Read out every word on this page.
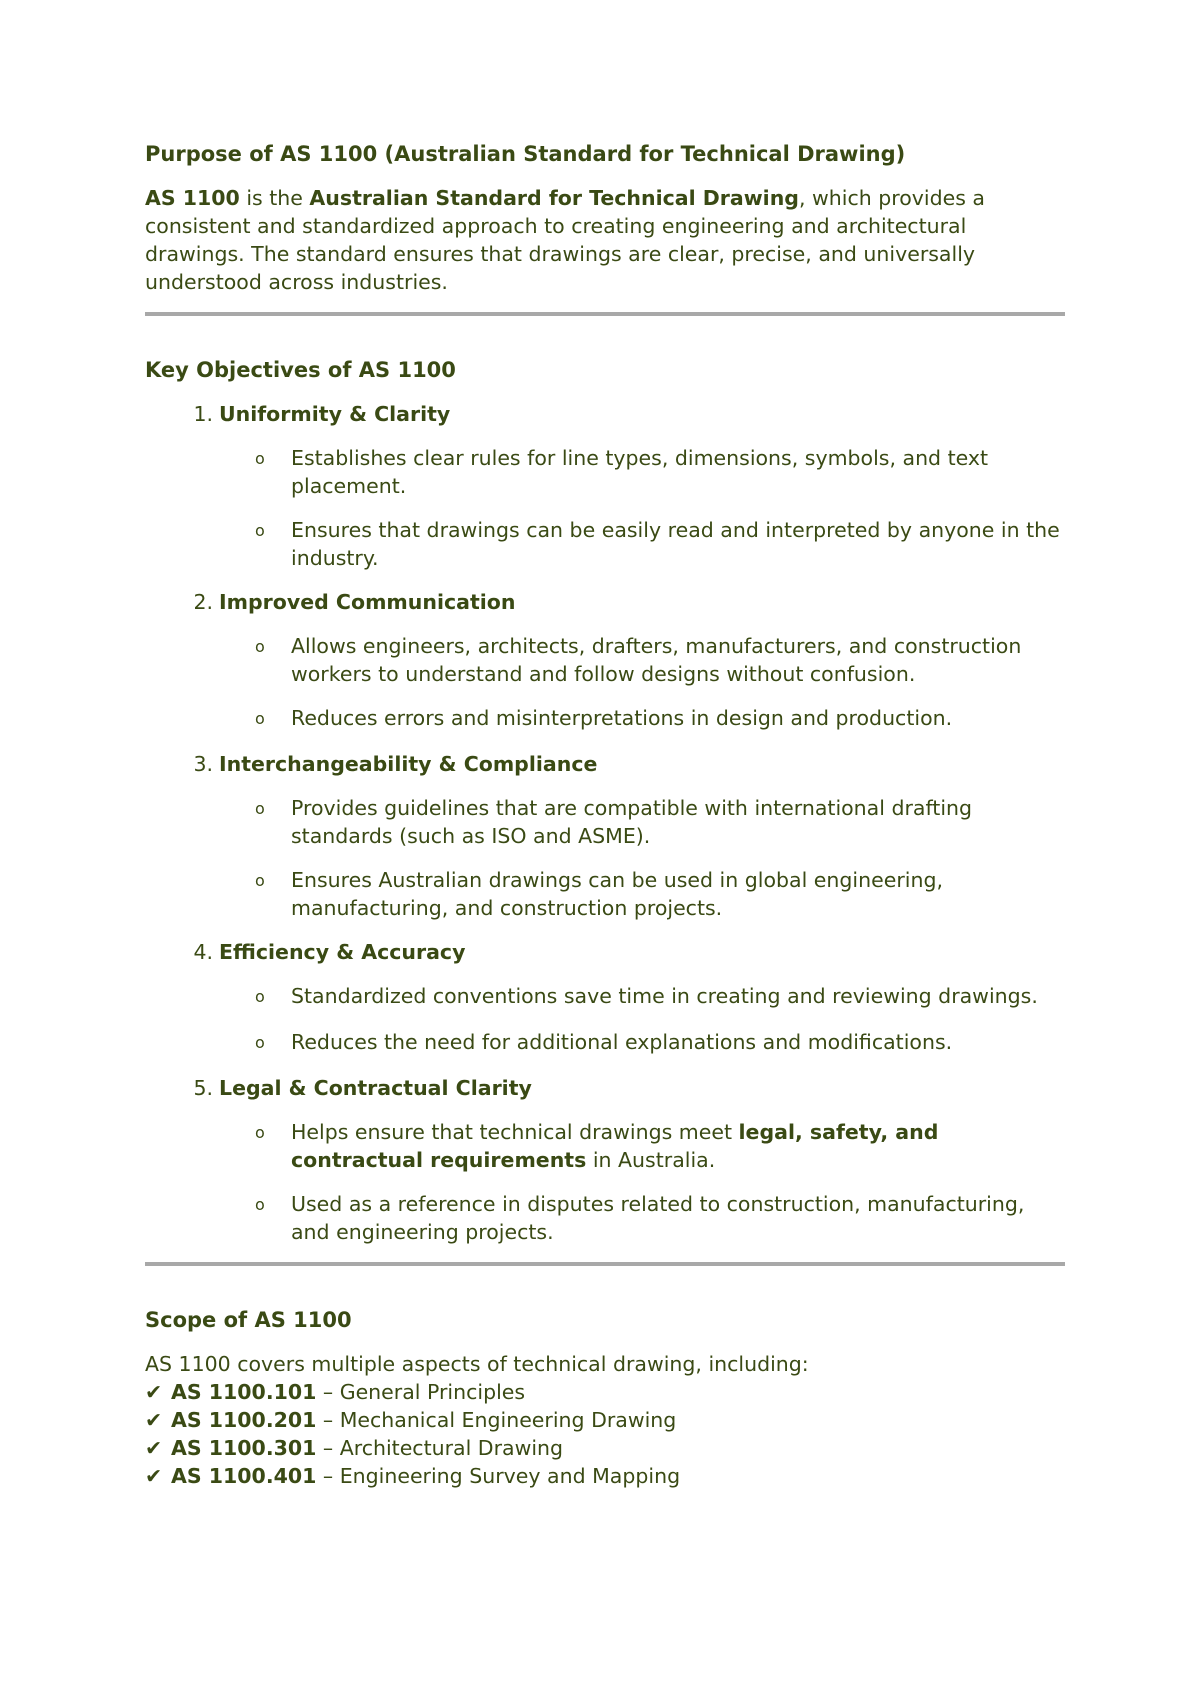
Purpose of AS 1100 (Australian Standard for Technical Drawing)

AS 1100 is the Australian Standard for Technical Drawing, which provides a consistent and standardized approach to creating engineering and architectural drawings. The standard ensures that drawings are clear, precise, and universally understood across industries.

Key Objectives of AS 1100

1. Uniformity & Clarity
o	Establishes clear rules for line types, dimensions, symbols, and text placement.
o	Ensures that drawings can be easily read and interpreted by anyone in the industry.
2. Improved Communication
o	Allows engineers, architects, drafters, manufacturers, and construction workers to understand and follow designs without confusion.
o	Reduces errors and misinterpretations in design and production.
3. Interchangeability & Compliance
o	Provides guidelines that are compatible with international drafting standards (such as ISO and ASME).
o	Ensures Australian drawings can be used in global engineering, manufacturing, and construction projects.
4. Efficiency & Accuracy
o	Standardized conventions save time in creating and reviewing drawings.
o	Reduces the need for additional explanations and modifications.
5. Legal & Contractual Clarity
o	Helps ensure that technical drawings meet legal, safety, and contractual requirements in Australia.
o	Used as a reference in disputes related to construction, manufacturing, and engineering projects.

Scope of AS 1100

AS 1100 covers multiple aspects of technical drawing, including:
✔ AS 1100.101 – General Principles
✔ AS 1100.201 – Mechanical Engineering Drawing
✔ AS 1100.301 – Architectural Drawing
✔ AS 1100.401 – Engineering Survey and Mapping
